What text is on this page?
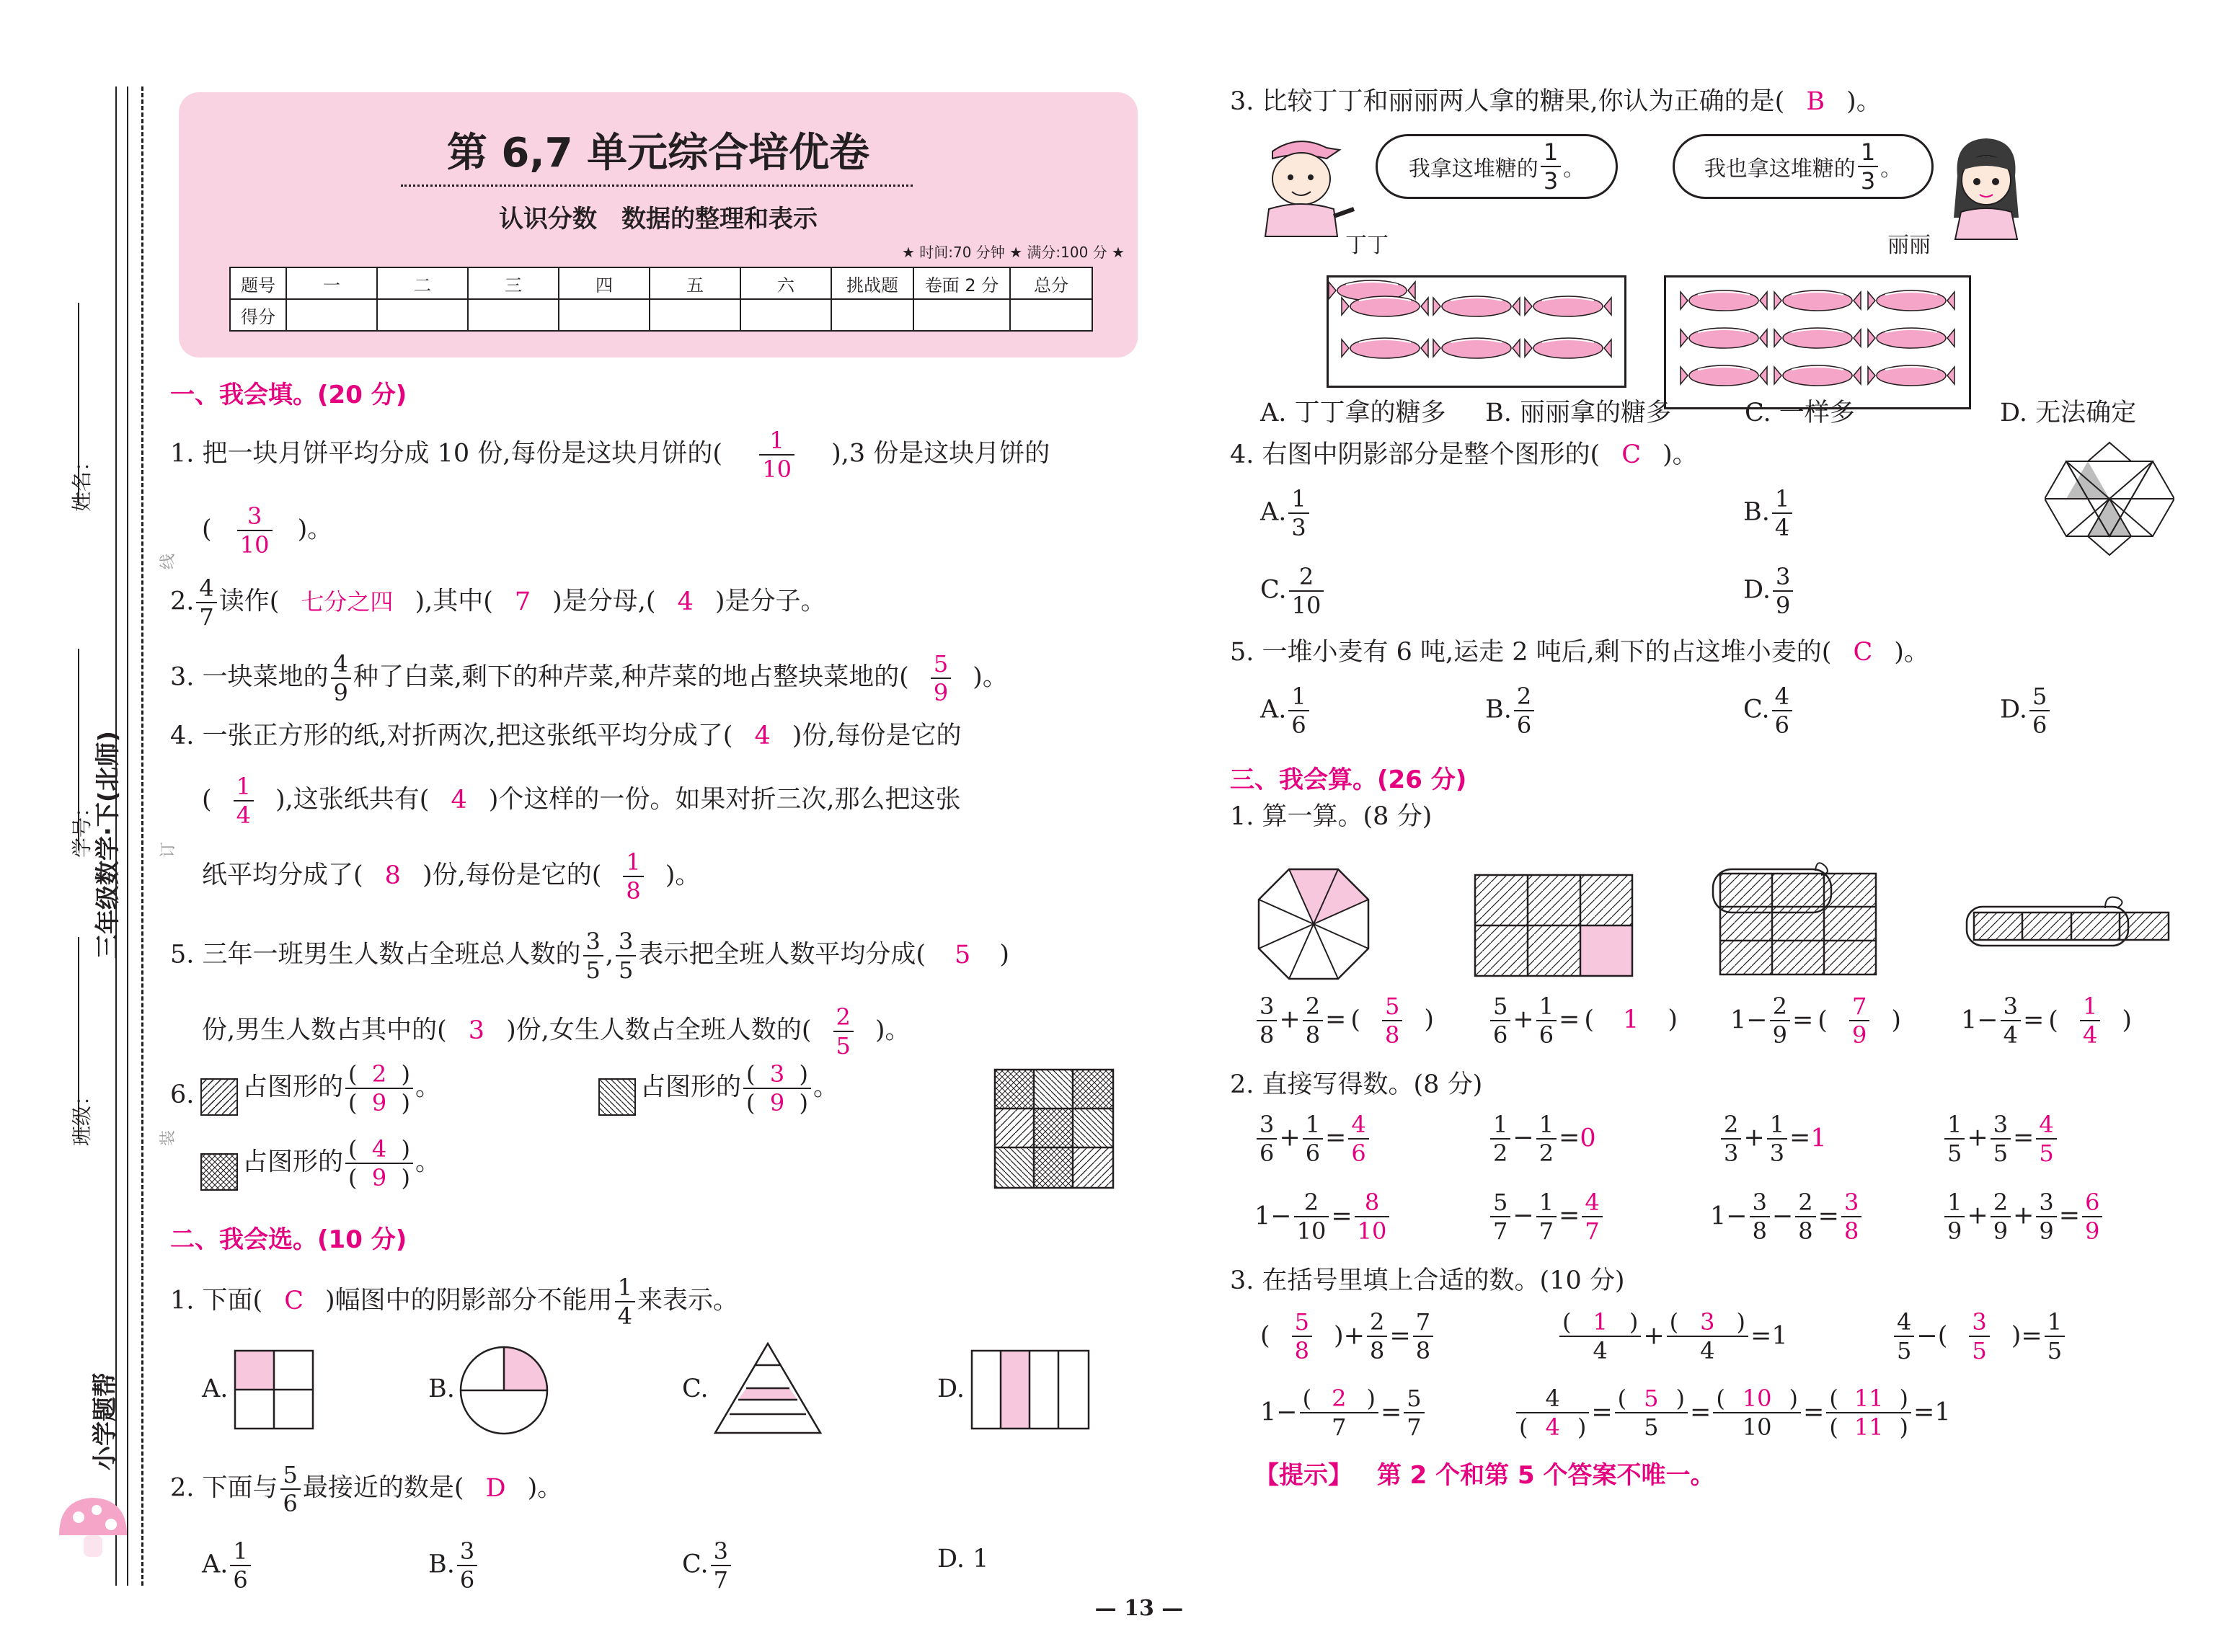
姓名：
学号：
班级：
三年级数学·下(北师)
小学题帮
线
订
装
第 6,7 单元综合培优卷
认识分数　数据的整理和表示
★ 时间:70 分钟 ★ 满分:100 分 ★
题号	一	二	三	四	五	六	挑战题	卷面 2 分	总分
得分									
一、我会填。(20 分)
1. 把一块月饼平均分成 10 份,每份是这块月饼的( $\frac{1}{10} ),3$ 份是这块月饼的
( $\frac{3}{10}$ )。
2. $\frac{4}{7}$ 读作( 七分之四 ),其中( 7 )是分母,( 4 )是分子。
3. 一块菜地的 $\frac{4}{9}$ 种了白菜,剩下的种芹菜,种芹菜的地占整块菜地的( $\frac{5}{9}$ )。
4. 一张正方形的纸,对折两次,把这张纸平均分成了( 4 )份,每份是它的
( $\frac{1}{4}$ ),这张纸共有( 4 )个这样的一份。如果对折三次,那么把这张
纸平均分成了( 8 )份,每份是它的( $\frac{1}{8}$ )。
5. 三年一班男生人数占全班总人数的 $\frac{3}{5}$ , $\frac{3}{5}$ 表示把全班人数平均分成( 5 )
份,男生人数占其中的( 3 )份,女生人数占全班人数的( $\frac{2}{5}$ )。
6. 占图形的 $\frac{( 2 )}{( 9 )}$ 。	占图形的 $\frac{( 3 )}{( 9 )}$ 。
占图形的 $\frac{( 4 )}{( 9 )}$ 。
二、我会选。(10 分)
1. 下面( C )幅图中的阴影部分不能用 $\frac{1}{4}$ 来表示。
A.	B.	C.	D.
2. 下面与 $\frac{5}{6}$ 最接近的数是( D )。
A. $\frac{1}{6}$	B. $\frac{3}{6}$	C. $\frac{3}{7}$	D. 1
— 13 —
3. 比较丁丁和丽丽两人拿的糖果,你认为正确的是( B )。
我拿这堆糖的 $\frac{1}{3}$ 。
丁丁
我也拿这堆糖的 $\frac{1}{3}$ 。
丽丽
A. 丁丁拿的糖多 B. 丽丽拿的糖多	C. 一样多	D. 无法确定
4. 右图中阴影部分是整个图形的( C )。
A. $\frac{1}{3}$	B. $\frac{1}{4}$
C. $\frac{2}{10}$	D. $\frac{3}{9}$
5. 一堆小麦有 6 吨,运走 2 吨后,剩下的占这堆小麦的( C )。
A. $\frac{1}{6}$	B. $\frac{2}{6}$	C. $\frac{4}{6}$	D. $\frac{5}{6}$
三、我会算。(26 分)
1. 算一算。(8 分)
$\frac{3}{8} + \frac{2}{8}$ = ( $\frac{5}{8}$ ) $\frac{5}{6} + \frac{1}{6}$ = ( 1 ) $1- \frac{2}{9}$ = ( $\frac{7}{9}$ ) $1- \frac{3}{4}$ = ( $\frac{1}{4}$ )
2. 直接写得数。(8 分)
$\frac{3}{6} + \frac{1}{6} = \frac{4}{6}$	$\frac{1}{2} - \frac{1}{2} =0$	$\frac{2}{3} + \frac{1}{3} =1$	$\frac{1}{5} + \frac{3}{5} = \frac{4}{5}$
$1- \frac{2}{10} = \frac{8}{10}$	$\frac{5}{7} - \frac{1}{7} = \frac{4}{7}$	$1- \frac{3}{8} - \frac{2}{8} = \frac{3}{8}$	$\frac{1}{9} + \frac{2}{9} + \frac{3}{9} = \frac{6}{9}$
3. 在括号里填上合适的数。(10 分)
( $\frac{5}{8}$ )+ $\frac{2}{8} = \frac{7}{8}$	$\frac{( 1 )}{4} + \frac{( 3 )}{4} =1$	$\frac{4}{5}$ −( $\frac{3}{5}$ )= $\frac{1}{5}$
$1- \frac{( 2 )}{7} = \frac{5}{7}$	$\frac{4}{( 4 )} = \frac{( 5 )}{5} = \frac{( 10 )}{10} = \frac{( 11 )}{( 11 )} =1$
【提示】 第 2 个和第 5 个答案不唯一。
